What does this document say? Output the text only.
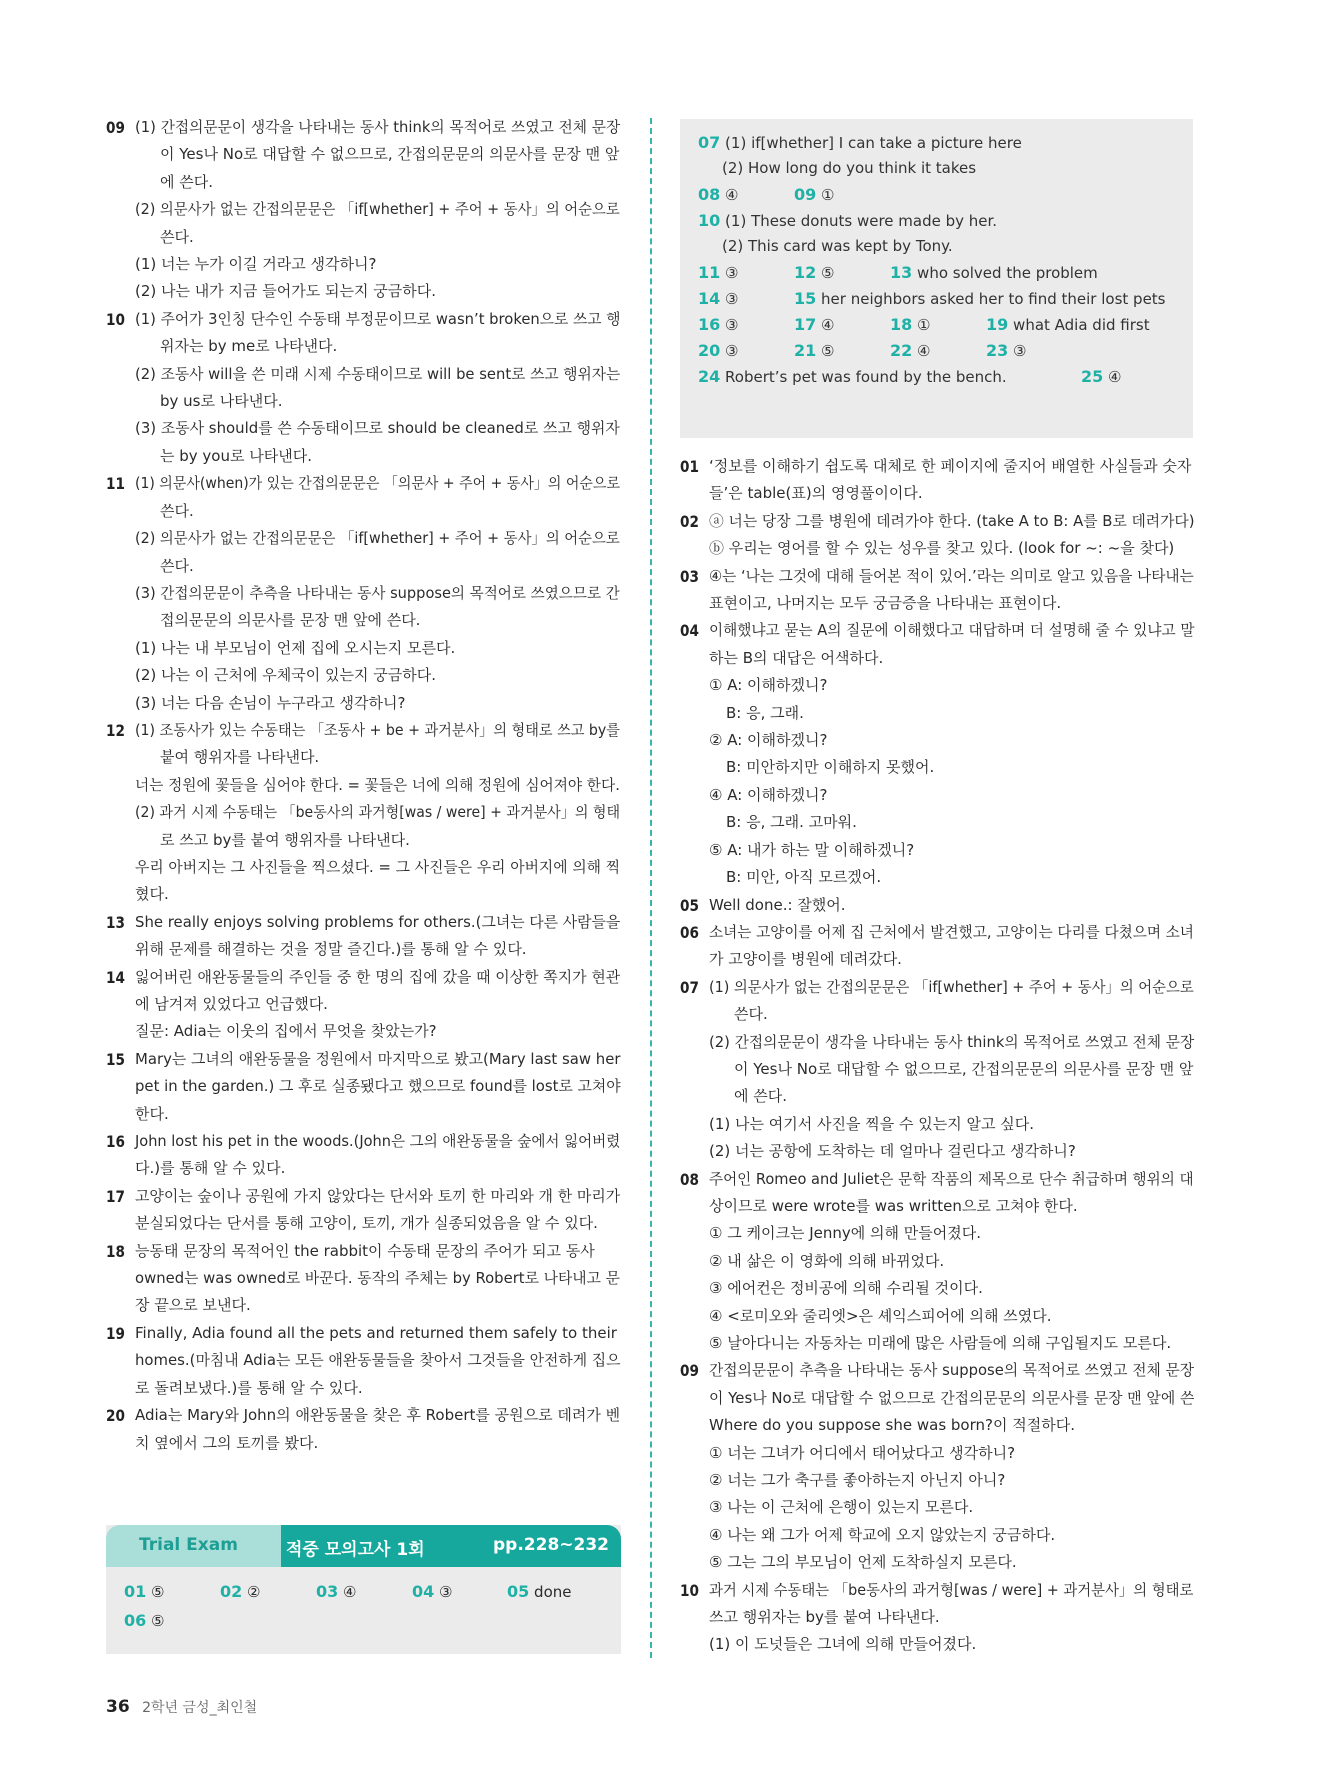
09 (1) 간접의문문이 생각을 나타내는 동사 think의 목적어로 쓰였고 전체 문장
이 Yes나 No로 대답할 수 없으므로, 간접의문문의 의문사를 문장 맨 앞
에 쓴다.
(2) 의문사가 없는 간접의문문은 「if[whether] + 주어 + 동사」의 어순으로
쓴다.
(1) 너는 누가 이길 거라고 생각하니?
(2) 나는 내가 지금 들어가도 되는지 궁금하다.
10 (1) 주어가 3인칭 단수인 수동태 부정문이므로 wasn’t broken으로 쓰고 행
위자는 by me로 나타낸다.
(2) 조동사 will을 쓴 미래 시제 수동태이므로 will be sent로 쓰고 행위자는
by us로 나타낸다.
(3) 조동사 should를 쓴 수동태이므로 should be cleaned로 쓰고 행위자
는 by you로 나타낸다.
11 (1) 의문사(when)가 있는 간접의문문은 「의문사 + 주어 + 동사」의 어순으로
쓴다.
(2) 의문사가 없는 간접의문문은 「if[whether] + 주어 + 동사」의 어순으로
쓴다.
(3) 간접의문문이 추측을 나타내는 동사 suppose의 목적어로 쓰였으므로 간
접의문문의 의문사를 문장 맨 앞에 쓴다.
(1) 나는 내 부모님이 언제 집에 오시는지 모른다.
(2) 나는 이 근처에 우체국이 있는지 궁금하다.
(3) 너는 다음 손님이 누구라고 생각하니?
12 (1) 조동사가 있는 수동태는 「조동사 + be + 과거분사」의 형태로 쓰고 by를
붙여 행위자를 나타낸다.
너는 정원에 꽃들을 심어야 한다. = 꽃들은 너에 의해 정원에 심어져야 한다.
(2) 과거 시제 수동태는 「be동사의 과거형[was / were] + 과거분사」의 형태
로 쓰고 by를 붙여 행위자를 나타낸다.
우리 아버지는 그 사진들을 찍으셨다. = 그 사진들은 우리 아버지에 의해 찍
혔다.
13 She really enjoys solving problems for others.(그녀는 다른 사람들을
위해 문제를 해결하는 것을 정말 즐긴다.)를 통해 알 수 있다.
14 잃어버린 애완동물들의 주인들 중 한 명의 집에 갔을 때 이상한 쪽지가 현관
에 남겨져 있었다고 언급했다.
질문: Adia는 이웃의 집에서 무엇을 찾았는가?
15 Mary는 그녀의 애완동물을 정원에서 마지막으로 봤고(Mary last saw her
pet in the garden.) 그 후로 실종됐다고 했으므로 found를 lost로 고쳐야
한다.
16 John lost his pet in the woods.(John은 그의 애완동물을 숲에서 잃어버렸
다.)를 통해 알 수 있다.
17 고양이는 숲이나 공원에 가지 않았다는 단서와 토끼 한 마리와 개 한 마리가
분실되었다는 단서를 통해 고양이, 토끼, 개가 실종되었음을 알 수 있다.
18 능동태 문장의 목적어인 the rabbit이 수동태 문장의 주어가 되고 동사
owned는 was owned로 바꾼다. 동작의 주체는 by Robert로 나타내고 문
장 끝으로 보낸다.
19 Finally, Adia found all the pets and returned them safely to their
homes.(마침내 Adia는 모든 애완동물들을 찾아서 그것들을 안전하게 집으
로 돌려보냈다.)를 통해 알 수 있다.
20 Adia는 Mary와 John의 애완동물을 찾은 후 Robert를 공원으로 데려가 벤
치 옆에서 그의 토끼를 봤다.
07 (1) if[whether] I can take a picture here
(2) How long do you think it takes
08 ④	09 ①
10 (1) These donuts were made by her.
(2) This card was kept by Tony.
11 ③	12 ⑤	13 who solved the problem
14 ③	15 her neighbors asked her to find their lost pets
16 ③	17 ④	18 ①	19 what Adia did first
20 ③	21 ⑤	22 ④	23 ③
24 Robert’s pet was found by the bench.	25 ④
01 ‘정보를 이해하기 쉽도록 대체로 한 페이지에 줄지어 배열한 사실들과 숫자
들’은 table(표)의 영영풀이이다.
02 ⓐ 너는 당장 그를 병원에 데려가야 한다. (take A to B: A를 B로 데려가다)
ⓑ 우리는 영어를 할 수 있는 성우를 찾고 있다. (look for ~: ~을 찾다)
03 ④는 ‘나는 그것에 대해 들어본 적이 있어.’라는 의미로 알고 있음을 나타내는
표현이고, 나머지는 모두 궁금증을 나타내는 표현이다.
04 이해했냐고 묻는 A의 질문에 이해했다고 대답하며 더 설명해 줄 수 있냐고 말
하는 B의 대답은 어색하다.
① A: 이해하겠니?
B: 응, 그래.
② A: 이해하겠니?
B: 미안하지만 이해하지 못했어.
④ A: 이해하겠니?
B: 응, 그래. 고마워.
⑤ A: 내가 하는 말 이해하겠니?
B: 미안, 아직 모르겠어.
05 Well done.: 잘했어.
06 소녀는 고양이를 어제 집 근처에서 발견했고, 고양이는 다리를 다쳤으며 소녀
가 고양이를 병원에 데려갔다.
07 (1) 의문사가 없는 간접의문문은 「if[whether] + 주어 + 동사」의 어순으로
쓴다.
(2) 간접의문문이 생각을 나타내는 동사 think의 목적어로 쓰였고 전체 문장
이 Yes나 No로 대답할 수 없으므로, 간접의문문의 의문사를 문장 맨 앞
에 쓴다.
(1) 나는 여기서 사진을 찍을 수 있는지 알고 싶다.
(2) 너는 공항에 도착하는 데 얼마나 걸린다고 생각하니?
08 주어인 Romeo and Juliet은 문학 작품의 제목으로 단수 취급하며 행위의 대
상이므로 were wrote를 was written으로 고쳐야 한다.
① 그 케이크는 Jenny에 의해 만들어졌다.
② 내 삶은 이 영화에 의해 바뀌었다.
③ 에어컨은 정비공에 의해 수리될 것이다.
④ <로미오와 줄리엣>은 셰익스피어에 의해 쓰였다.
⑤ 날아다니는 자동차는 미래에 많은 사람들에 의해 구입될지도 모른다.
09 간접의문문이 추측을 나타내는 동사 suppose의 목적어로 쓰였고 전체 문장
이 Yes나 No로 대답할 수 없으므로 간접의문문의 의문사를 문장 맨 앞에 쓴
Where do you suppose she was born?이 적절하다.
① 너는 그녀가 어디에서 태어났다고 생각하니?
② 너는 그가 축구를 좋아하는지 아닌지 아니?
③ 나는 이 근처에 은행이 있는지 모른다.
④ 나는 왜 그가 어제 학교에 오지 않았는지 궁금하다.
⑤ 그는 그의 부모님이 언제 도착하실지 모른다.
10 과거 시제 수동태는 「be동사의 과거형[was / were] + 과거분사」의 형태로
쓰고 행위자는 by를 붙여 나타낸다.
(1) 이 도넛들은 그녀에 의해 만들어졌다.
적중 모의고사 1회	pp.228~232
Trial Exam
01 ⑤	02 ②	03 ④	04 ③	05 done
06 ⑤
36 2학년 금성_최인철
